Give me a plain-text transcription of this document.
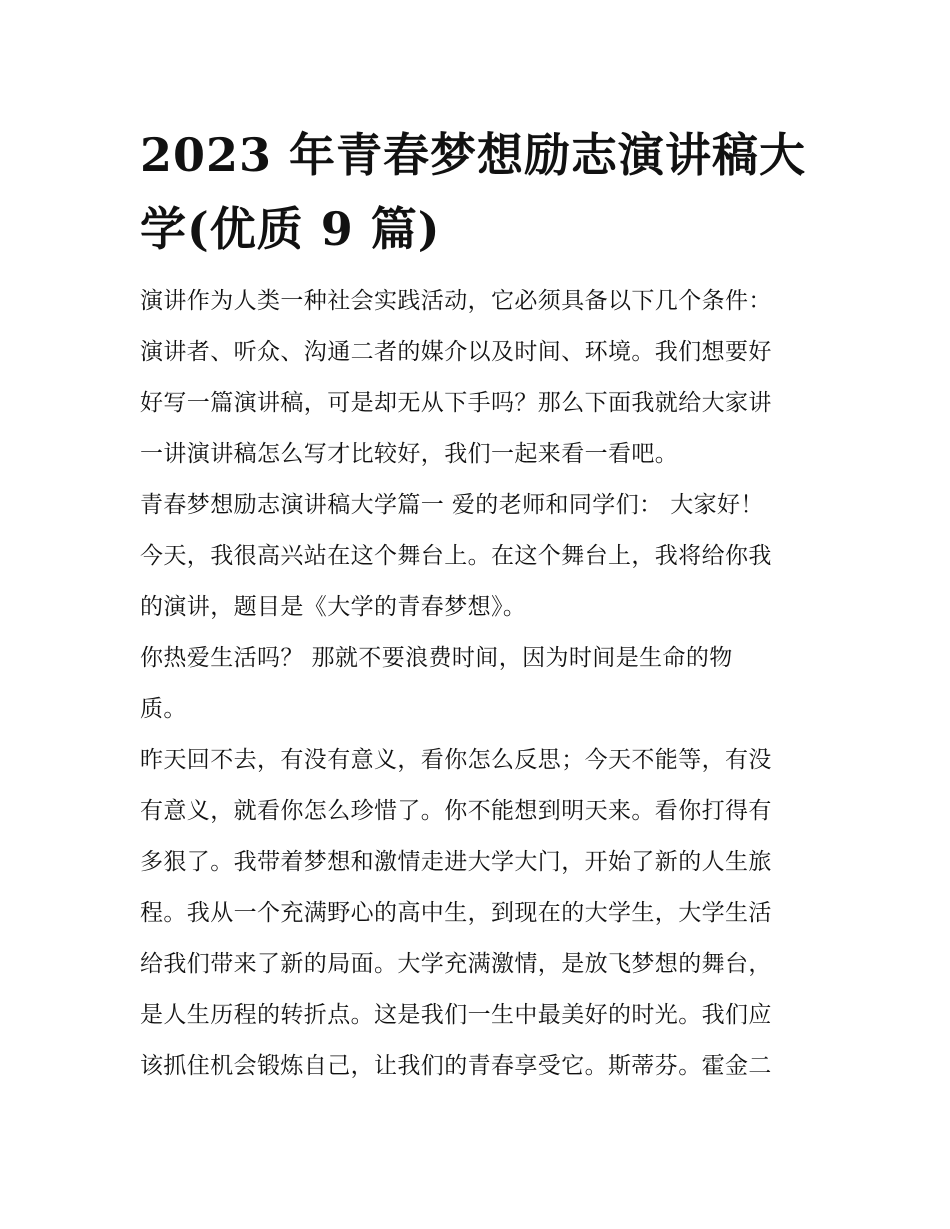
2023 年青春梦想励志演讲稿大
学(优质 9 篇)
演讲作为人类一种社会实践活动，它必须具备以下几个条件：
演讲者、听众、沟通二者的媒介以及时间、环境。我们想要好
好写一篇演讲稿，可是却无从下手吗？那么下面我就给大家讲
一讲演讲稿怎么写才比较好，我们一起来看一看吧。
青春梦想励志演讲稿大学篇一 爱的老师和同学们： 大家好！
今天，我很高兴站在这个舞台上。在这个舞台上，我将给你我
的演讲，题目是《大学的青春梦想》。
你热爱生活吗？ 那就不要浪费时间，因为时间是生命的物
质。
昨天回不去，有没有意义，看你怎么反思；今天不能等，有没
有意义，就看你怎么珍惜了。你不能想到明天来。看你打得有
多狠了。我带着梦想和激情走进大学大门，开始了新的人生旅
程。我从一个充满野心的高中生，到现在的大学生，大学生活
给我们带来了新的局面。大学充满激情，是放飞梦想的舞台，
是人生历程的转折点。这是我们一生中最美好的时光。我们应
该抓住机会锻炼自己，让我们的青春享受它。斯蒂芬。霍金二
